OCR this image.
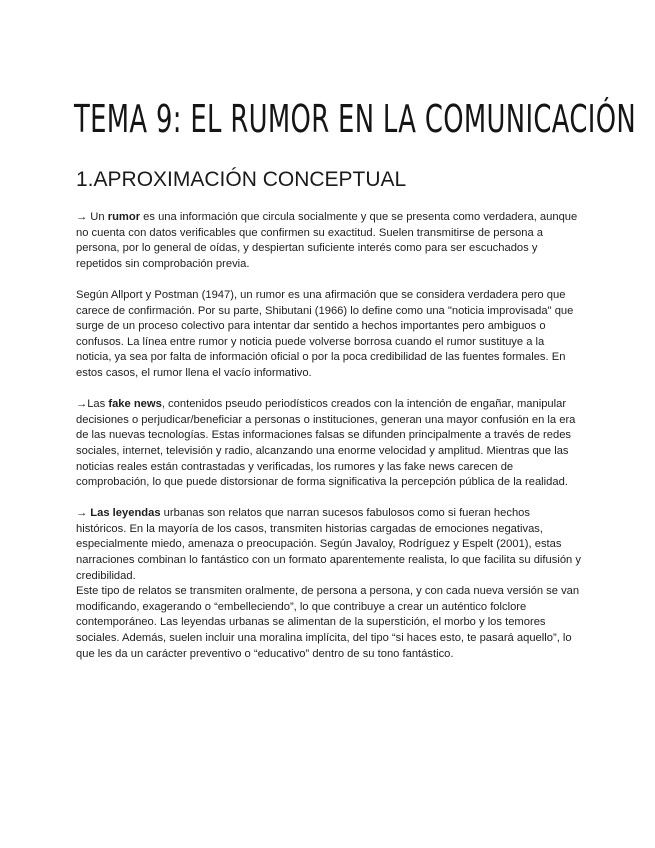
TEMA 9: EL RUMOR EN LA COMUNICACIÓN
1.APROXIMACIÓN CONCEPTUAL

→ Un rumor es una información que circula socialmente y que se presenta como verdadera, aunque no cuenta con datos verificables que confirmen su exactitud. Suelen transmitirse de persona a persona, por lo general de oídas, y despiertan suficiente interés como para ser escuchados y repetidos sin comprobación previa.

Según Allport y Postman (1947), un rumor es una afirmación que se considera verdadera pero que carece de confirmación. Por su parte, Shibutani (1966) lo define como una "noticia improvisada" que surge de un proceso colectivo para intentar dar sentido a hechos importantes pero ambiguos o confusos. La línea entre rumor y noticia puede volverse borrosa cuando el rumor sustituye a la noticia, ya sea por falta de información oficial o por la poca credibilidad de las fuentes formales. En estos casos, el rumor llena el vacío informativo.

→Las fake news, contenidos pseudo periodísticos creados con la intención de engañar, manipular decisiones o perjudicar/beneficiar a personas o instituciones, generan una mayor confusión en la era de las nuevas tecnologías. Estas informaciones falsas se difunden principalmente a través de redes sociales, internet, televisión y radio, alcanzando una enorme velocidad y amplitud. Mientras que las noticias reales están contrastadas y verificadas, los rumores y las fake news carecen de comprobación, lo que puede distorsionar de forma significativa la percepción pública de la realidad.

→ Las leyendas urbanas son relatos que narran sucesos fabulosos como si fueran hechos históricos. En la mayoría de los casos, transmiten historias cargadas de emociones negativas, especialmente miedo, amenaza o preocupación. Según Javaloy, Rodríguez y Espelt (2001), estas narraciones combinan lo fantástico con un formato aparentemente realista, lo que facilita su difusión y credibilidad.

Este tipo de relatos se transmiten oralmente, de persona a persona, y con cada nueva versión se van modificando, exagerando o “embelleciendo”, lo que contribuye a crear un auténtico folclore contemporáneo. Las leyendas urbanas se alimentan de la superstición, el morbo y los temores sociales. Además, suelen incluir una moralina implícita, del tipo “si haces esto, te pasará aquello”, lo que les da un carácter preventivo o “educativo” dentro de su tono fantástico.
